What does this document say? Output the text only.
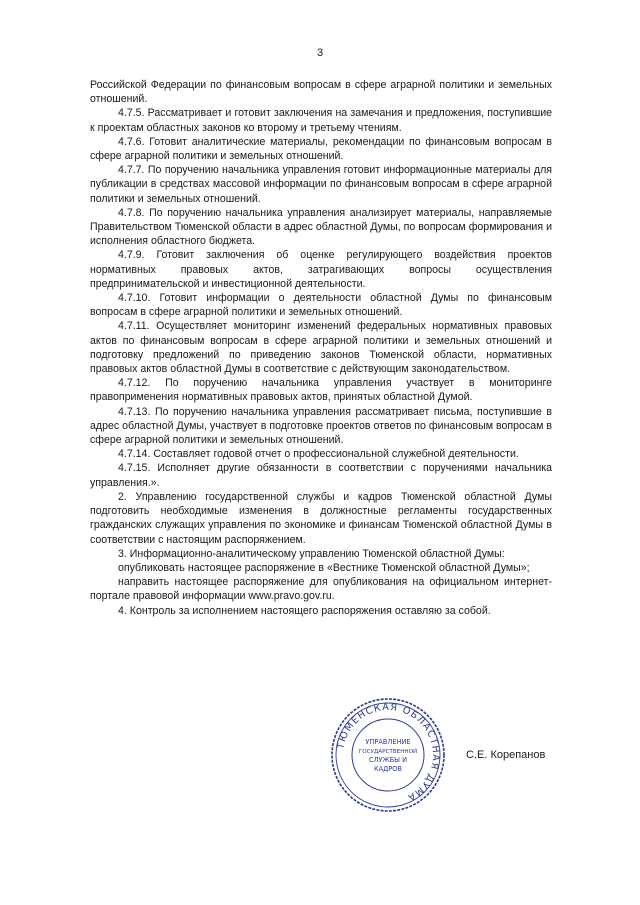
3

Российской Федерации по финансовым вопросам в сфере аграрной политики и земельных отношений.

4.7.5. Рассматривает и готовит заключения на замечания и предложения, поступившие к проектам областных законов ко второму и третьему чтениям.

4.7.6. Готовит аналитические материалы, рекомендации по финансовым вопросам в сфере аграрной политики и земельных отношений.

4.7.7. По поручению начальника управления готовит информационные материалы для публикации в средствах массовой информации по финансовым вопросам в сфере аграрной политики и земельных отношений.

4.7.8. По поручению начальника управления анализирует материалы, направляемые Правительством Тюменской области в адрес областной Думы, по вопросам формирования и исполнения областного бюджета.

4.7.9. Готовит заключения об оценке регулирующего воздействия проектов нормативных правовых актов, затрагивающих вопросы осуществления предпринимательской и инвестиционной деятельности.

4.7.10. Готовит информации о деятельности областной Думы по финансовым вопросам в сфере аграрной политики и земельных отношений.

4.7.11. Осуществляет мониторинг изменений федеральных нормативных правовых актов по финансовым вопросам в сфере аграрной политики и земельных отношений и подготовку предложений по приведению законов Тюменской области, нормативных правовых актов областной Думы в соответствие с действующим законодательством.

4.7.12. По поручению начальника управления участвует в мониторинге правоприменения нормативных правовых актов, принятых областной Думой.

4.7.13. По поручению начальника управления рассматривает письма, поступившие в адрес областной Думы, участвует в подготовке проектов ответов по финансовым вопросам в сфере аграрной политики и земельных отношений.

4.7.14. Составляет годовой отчет о профессиональной служебной деятельности.

4.7.15. Исполняет другие обязанности в соответствии с поручениями начальника управления.».

2. Управлению государственной службы и кадров Тюменской областной Думы подготовить необходимые изменения в должностные регламенты государственных гражданских служащих управления по экономике и финансам Тюменской областной Думы в соответствии с настоящим распоряжением.

3. Информационно-аналитическому управлению Тюменской областной Думы:

опубликовать настоящее распоряжение в «Вестнике Тюменской областной Думы»;

направить настоящее распоряжение для опубликования на официальном интернет-портале правовой информации www.pravo.gov.ru.

4. Контроль за исполнением настоящего распоряжения оставляю за собой.

ТЮМЕНСКАЯ ОБЛАСТНАЯ ДУМА
УПРАВЛЕНИЕ
ГОСУДАРСТВЕННОЙ
СЛУЖБЫ И
КАДРОВ
С.Е. Корепанов
